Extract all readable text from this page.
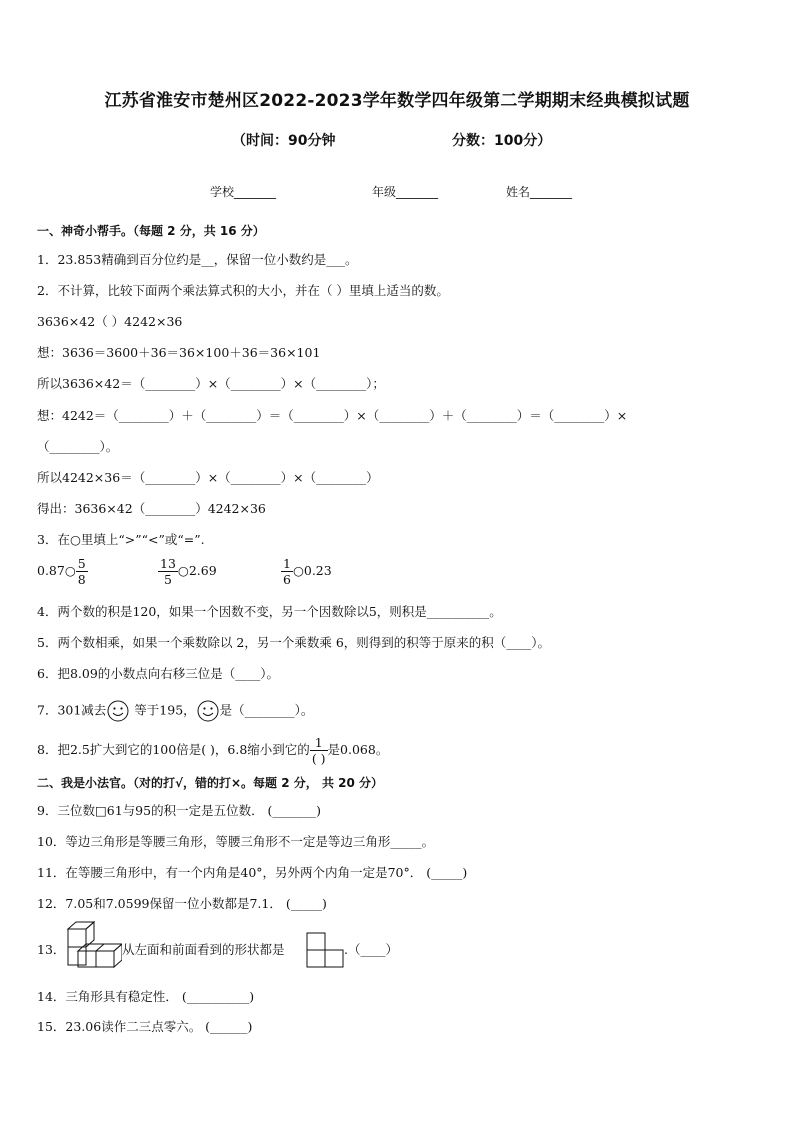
江苏省淮安市楚州区2022-2023学年数学四年级第二学期期末经典模拟试题
（时间：90分钟	分数：100分）
学校_______	年级_______	姓名_______
一、神奇小帮手。（每题 2 分，共 16 分）
1．23.853精确到百分位约是__，保留一位小数约是___。
2．不计算，比较下面两个乘法算式积的大小，并在（ ）里填上适当的数。
3636×42（ ）4242×36
想：3636＝3600＋36＝36×100＋36＝36×101
所以3636×42＝（________）×（________）×（________）；
想：4242＝（________）＋（________）＝（________）×（________）＋（________）＝（________）×
（________）。
所以4242×36＝（________）×（________）×（________）
得出：3636×42（________）4242×36
3．在○里填上“>”“<”或“=”.
0.87○ $\frac{5}{8}$	$\frac{13}{5}$ ○2.69	$\frac{1}{6}$ ○0.23
4．两个数的积是120，如果一个因数不变，另一个因数除以5，则积是__________。
5．两个数相乘，如果一个乘数除以 2，另一个乘数乘 6，则得到的积等于原来的积（____）。
6．把8.09的小数点向右移三位是（____）。
7．301减去 等于195， 是（________）。
8．把2.5扩大到它的100倍是( )，6.8缩小到它的 $\frac{1}{( )}$ 是0.068。
二、我是小法官。（对的打√，错的打×。每题 2 分， 共 20 分）
9．三位数□61与95的积一定是五位数． (_______)
10．等边三角形是等腰三角形，等腰三角形不一定是等边三角形_____。
11．在等腰三角形中，有一个内角是40°，另外两个内角一定是70°． (_____)
12．7.05和7.0599保留一位小数都是7.1． (_____)
13．	从左面和前面看到的形状都是	.（____）
14．三角形具有稳定性． (__________)
15．23.06读作二三点零六。 (______)
